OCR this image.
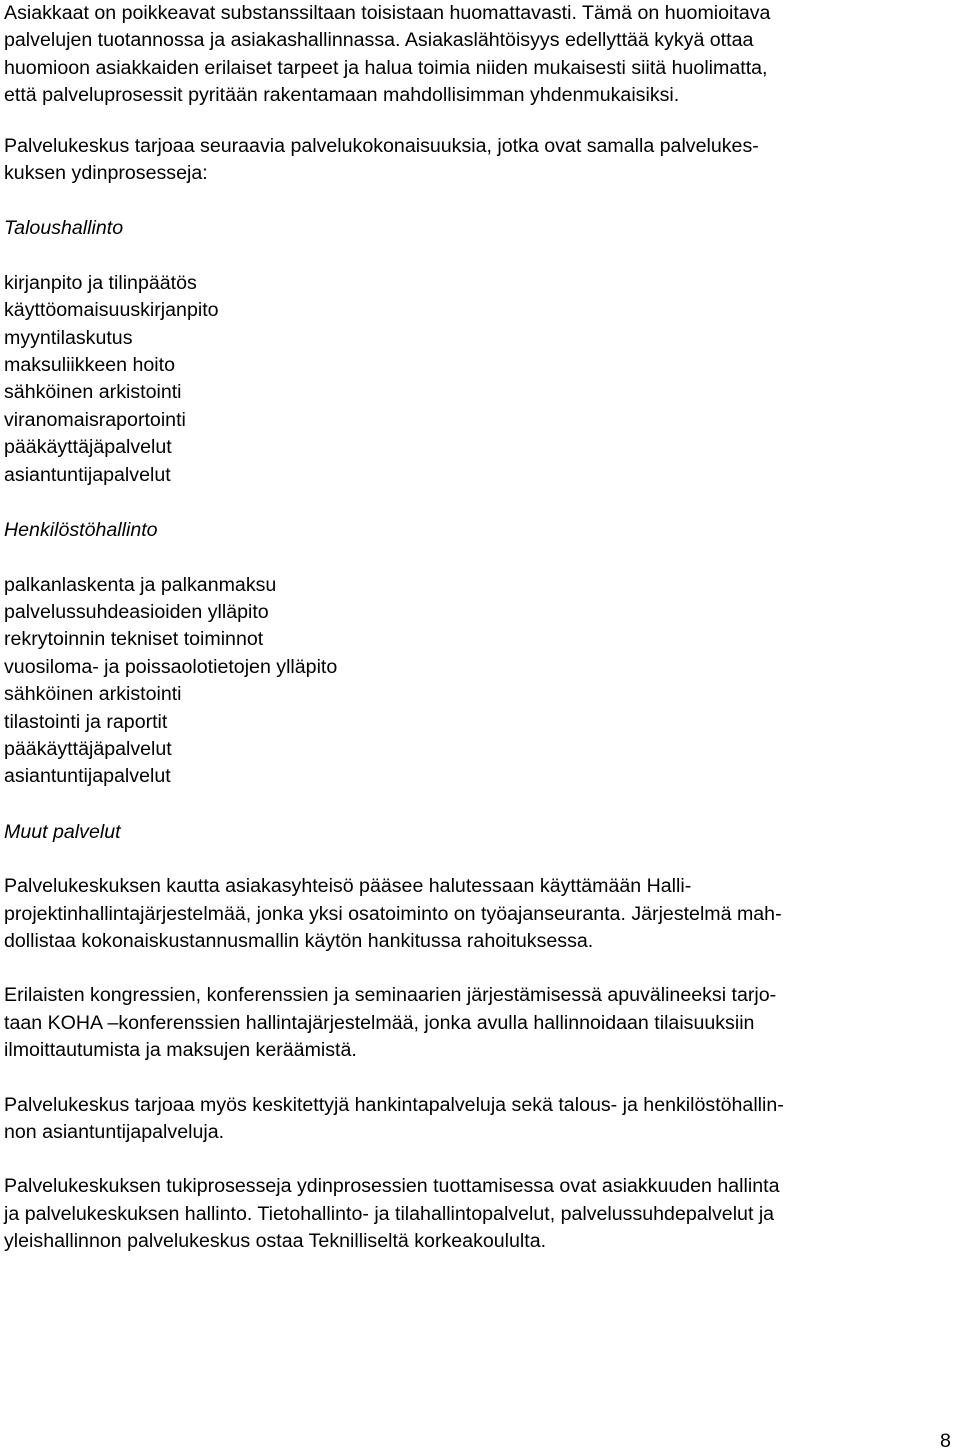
Asiakkaat on poikkeavat substanssiltaan toisistaan huomattavasti. Tämä on huomioitava

palvelujen tuotannossa ja asiakashallinnassa. Asiakaslähtöisyys edellyttää kykyä ottaa

huomioon asiakkaiden erilaiset tarpeet ja halua toimia niiden mukaisesti siitä huolimatta,

että palveluprosessit pyritään rakentamaan mahdollisimman yhdenmukaisiksi.

Palvelukeskus tarjoaa seuraavia palvelukokonaisuuksia, jotka ovat samalla palvelukes-

kuksen ydinprosesseja:

Taloushallinto

kirjanpito ja tilinpäätös

käyttöomaisuuskirjanpito

myyntilaskutus

maksuliikkeen hoito

sähköinen arkistointi

viranomaisraportointi

pääkäyttäjäpalvelut

asiantuntijapalvelut

Henkilöstöhallinto

palkanlaskenta ja palkanmaksu

palvelussuhdeasioiden ylläpito

rekrytoinnin tekniset toiminnot

vuosiloma- ja poissaolotietojen ylläpito

sähköinen arkistointi

tilastointi ja raportit

pääkäyttäjäpalvelut

asiantuntijapalvelut

Muut palvelut

Palvelukeskuksen kautta asiakasyhteisö pääsee halutessaan käyttämään Halli-

projektinhallintajärjestelmää, jonka yksi osatoiminto on työajanseuranta. Järjestelmä mah-

dollistaa kokonaiskustannusmallin käytön hankitussa rahoituksessa.

Erilaisten kongressien, konferenssien ja seminaarien järjestämisessä apuvälineeksi tarjo-

taan KOHA –konferenssien hallintajärjestelmää, jonka avulla hallinnoidaan tilaisuuksiin

ilmoittautumista ja maksujen keräämistä.

Palvelukeskus tarjoaa myös keskitettyjä hankintapalveluja sekä talous- ja henkilöstöhallin-

non asiantuntijapalveluja.

Palvelukeskuksen tukiprosesseja ydinprosessien tuottamisessa ovat asiakkuuden hallinta

ja palvelukeskuksen hallinto. Tietohallinto- ja tilahallintopalvelut, palvelussuhdepalvelut ja

yleishallinnon palvelukeskus ostaa Teknilliseltä korkeakoululta.

8
